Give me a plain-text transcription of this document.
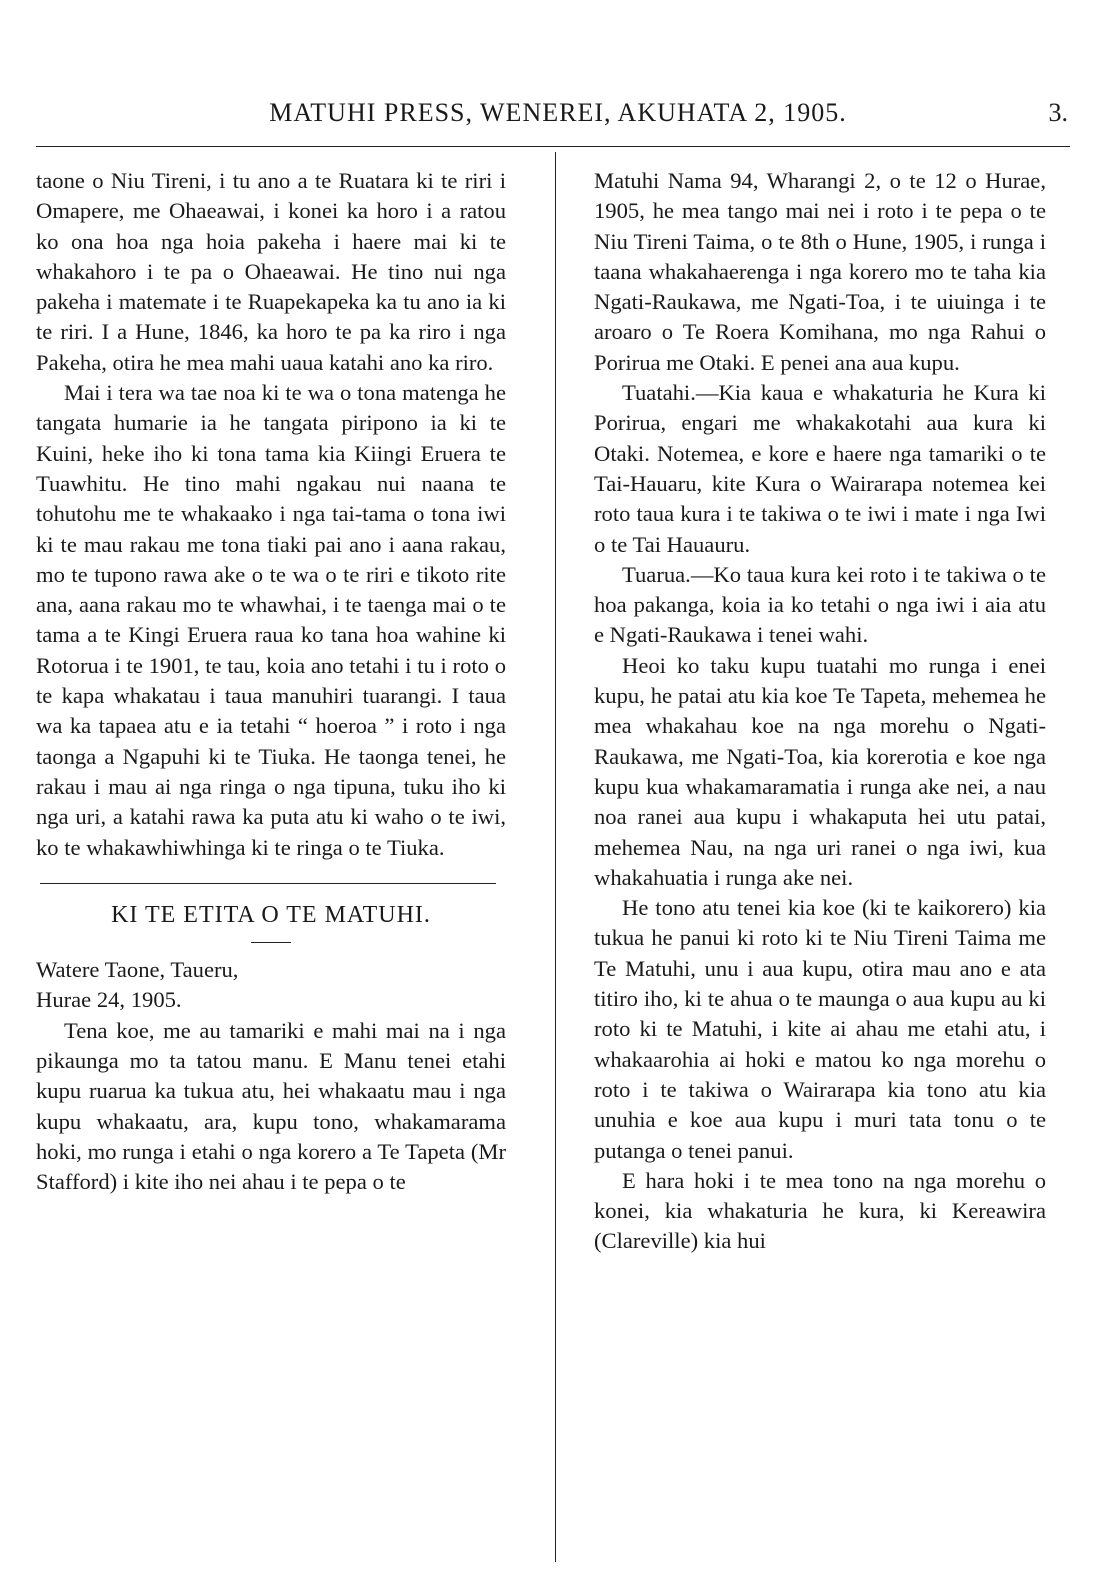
MATUHI PRESS, WENEREI, AKUHATA 2, 1905.	3.

taone o Niu Tireni, i tu ano a te Ruatara ki te riri i Omapere, me Ohaeawai, i konei ka horo i a ratou ko ona hoa nga hoia pakeha i haere mai ki te whakahoro i te pa o Ohaeawai. He tino nui nga pakeha i matemate i te Ruapekapeka ka tu ano ia ki te riri. I a Hune, 1846, ka horo te pa ka riro i nga Pakeha, otira he mea mahi uaua katahi ano ka riro.

Mai i tera wa tae noa ki te wa o tona matenga he tangata humarie ia he tangata piripono ia ki te Kuini, heke iho ki tona tama kia Kiingi Eruera te Tuawhitu. He tino mahi ngakau nui naana te tohutohu me te whakaako i nga tai-tama o tona iwi ki te mau rakau me tona tiaki pai ano i aana rakau, mo te tupono rawa ake o te wa o te riri e tikoto rite ana, aana rakau mo te whawhai, i te taenga mai o te tama a te Kingi Eruera raua ko tana hoa wahine ki Rotorua i te 1901, te tau, koia ano tetahi i tu i roto o te kapa whakatau i taua manuhiri tuarangi. I taua wa ka tapaea atu e ia tetahi “ hoeroa ” i roto i nga taonga a Ngapuhi ki te Tiuka. He taonga tenei, he rakau i mau ai nga ringa o nga tipuna, tuku iho ki nga uri, a katahi rawa ka puta atu ki waho o te iwi, ko te whakawhiwhinga ki te ringa o te Tiuka.

KI TE ETITA O TE MATUHI.

Watere Taone, Taueru,

Hurae 24, 1905.

Tena koe, me au tamariki e mahi mai na i nga pikaunga mo ta tatou manu. E Manu tenei etahi kupu ruarua ka tukua atu, hei whakaatu mau i nga kupu whakaatu, ara, kupu tono, whakamarama hoki, mo runga i etahi o nga korero a Te Tapeta (Mr Stafford) i kite iho nei ahau i te pepa o te

Matuhi Nama 94, Wharangi 2, o te 12 o Hurae, 1905, he mea tango mai nei i roto i te pepa o te Niu Tireni Taima, o te 8th o Hune, 1905, i runga i taana whakahaerenga i nga korero mo te taha kia Ngati-Raukawa, me Ngati-Toa, i te uiuinga i te aroaro o Te Roera Komihana, mo nga Rahui o Porirua me Otaki. E penei ana aua kupu.

Tuatahi.—Kia kaua e whakaturia he Kura ki Porirua, engari me whakakotahi aua kura ki Otaki. Notemea, e kore e haere nga tamariki o te Tai-Hauaru, kite Kura o Wairarapa notemea kei roto taua kura i te takiwa o te iwi i mate i nga Iwi o te Tai Hauauru.

Tuarua.—Ko taua kura kei roto i te takiwa o te hoa pakanga, koia ia ko tetahi o nga iwi i aia atu e Ngati-Raukawa i tenei wahi.

Heoi ko taku kupu tuatahi mo runga i enei kupu, he patai atu kia koe Te Tapeta, mehemea he mea whakahau koe na nga morehu o Ngati-Raukawa, me Ngati-Toa, kia korerotia e koe nga kupu kua whakamaramatia i runga ake nei, a nau noa ranei aua kupu i whakaputa hei utu patai, mehemea Nau, na nga uri ranei o nga iwi, kua whakahuatia i runga ake nei.

He tono atu tenei kia koe (ki te kaikorero) kia tukua he panui ki roto ki te Niu Tireni Taima me Te Matuhi, unu i aua kupu, otira mau ano e ata titiro iho, ki te ahua o te maunga o aua kupu au ki roto ki te Matuhi, i kite ai ahau me etahi atu, i whakaarohia ai hoki e matou ko nga morehu o roto i te takiwa o Wairarapa kia tono atu kia unuhia e koe aua kupu i muri tata tonu o te putanga o tenei panui.

E hara hoki i te mea tono na nga morehu o konei, kia whakaturia he kura, ki Kereawira (Clareville) kia hui
